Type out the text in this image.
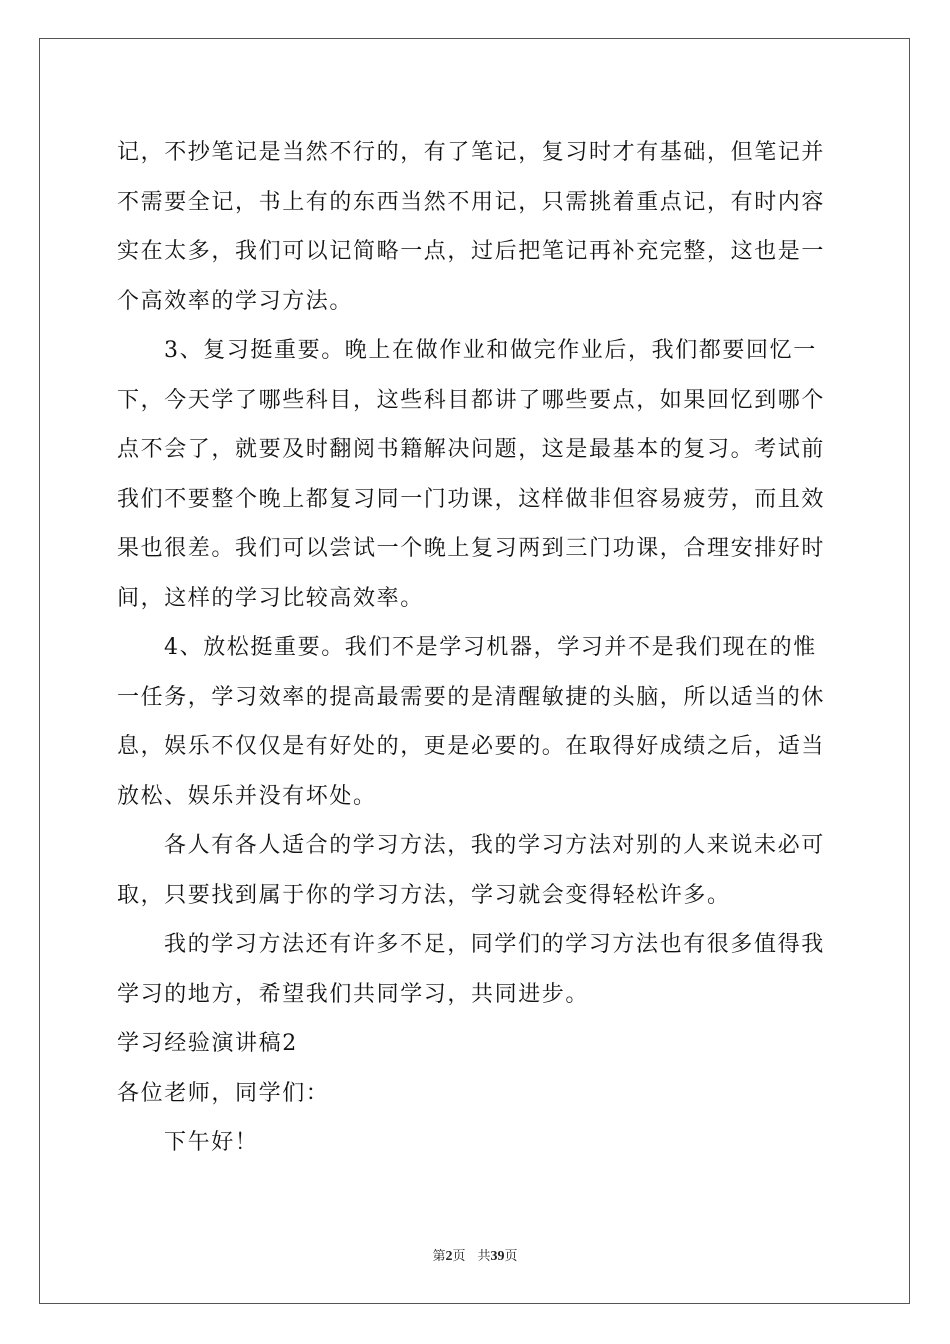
记，不抄笔记是当然不行的，有了笔记，复习时才有基础，但笔记并
不需要全记，书上有的东西当然不用记，只需挑着重点记，有时内容
实在太多，我们可以记简略一点，过后把笔记再补充完整，这也是一
个高效率的学习方法。
3、复习挺重要。晚上在做作业和做完作业后，我们都要回忆一
下，今天学了哪些科目，这些科目都讲了哪些要点，如果回忆到哪个
点不会了，就要及时翻阅书籍解决问题，这是最基本的复习。考试前
我们不要整个晚上都复习同一门功课，这样做非但容易疲劳，而且效
果也很差。我们可以尝试一个晚上复习两到三门功课，合理安排好时
间，这样的学习比较高效率。
4、放松挺重要。我们不是学习机器，学习并不是我们现在的惟
一任务，学习效率的提高最需要的是清醒敏捷的头脑，所以适当的休
息，娱乐不仅仅是有好处的，更是必要的。在取得好成绩之后，适当
放松、娱乐并没有坏处。
各人有各人适合的学习方法，我的学习方法对别的人来说未必可
取，只要找到属于你的学习方法，学习就会变得轻松许多。
我的学习方法还有许多不足，同学们的学习方法也有很多值得我
学习的地方，希望我们共同学习，共同进步。
学习经验演讲稿2
各位老师，同学们：
下午好！
第2页 共39页
